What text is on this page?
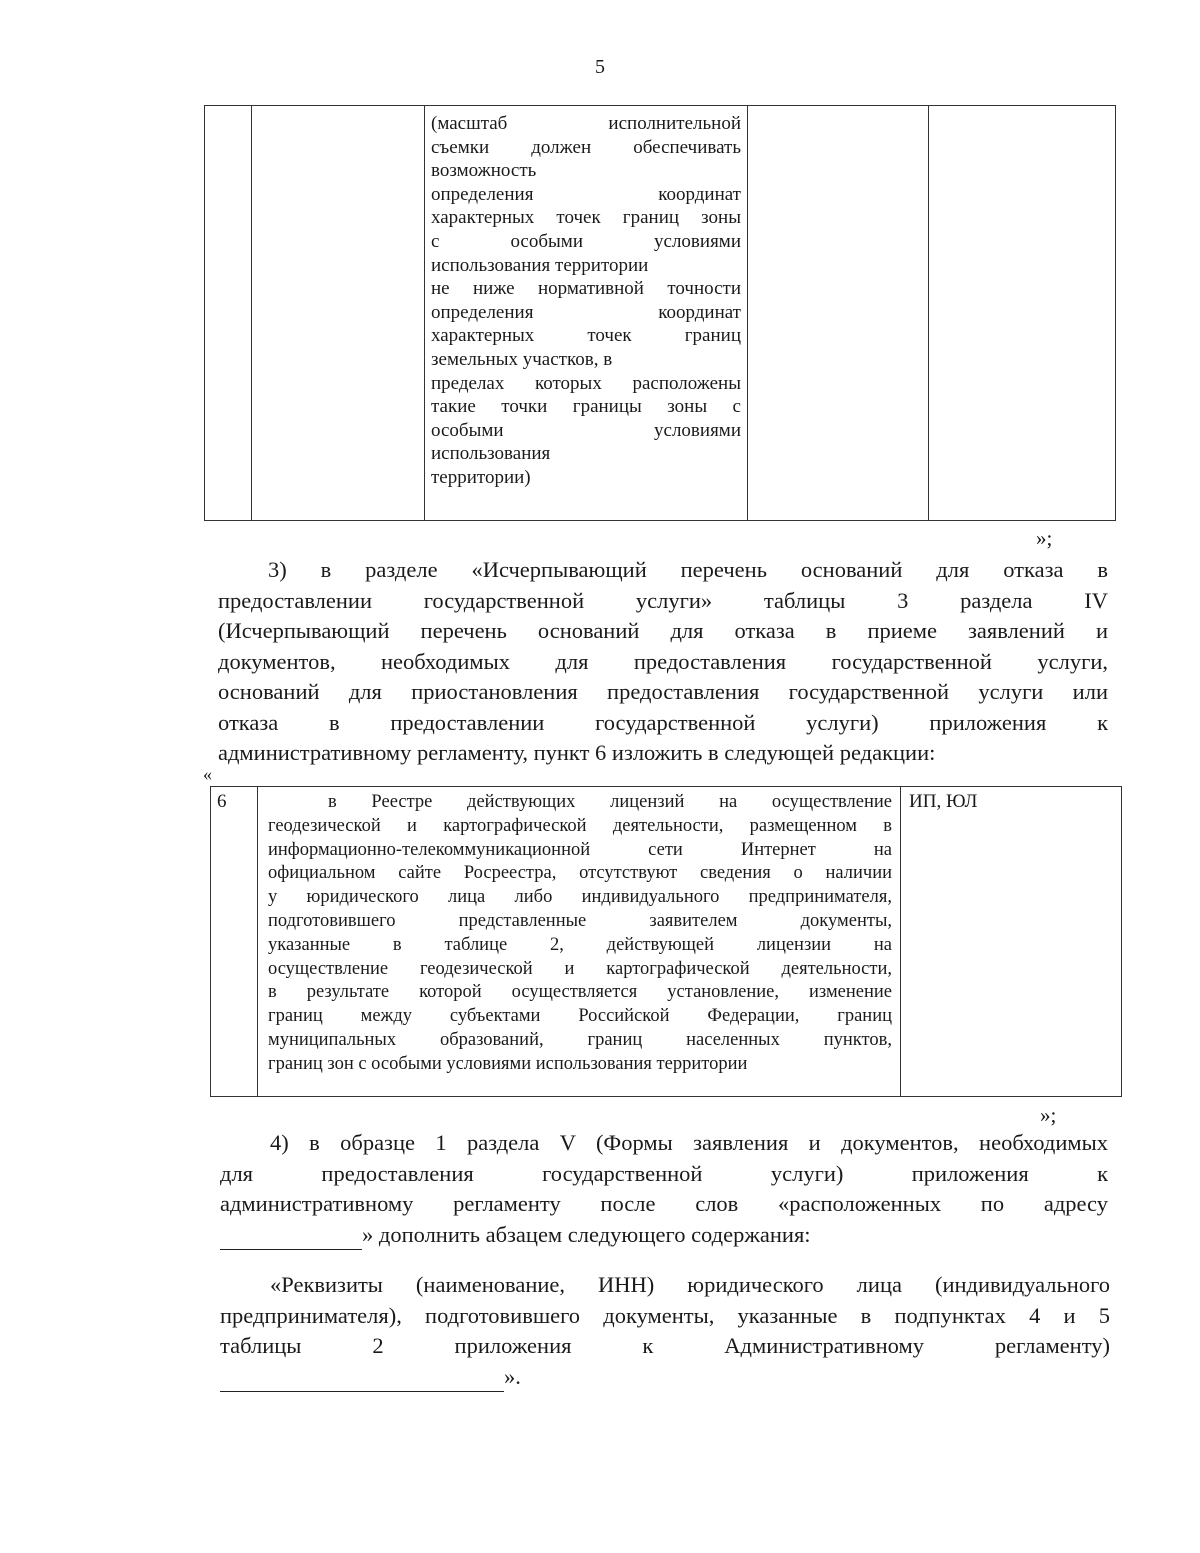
5

(масштаб исполнительной
съемки должен обеспечивать
возможность
определения координат
характерных точек границ зоны
с особыми условиями
использования территории
не ниже нормативной точности
определения координат
характерных точек границ
земельных участков, в
пределах которых расположены
такие точки границы зоны с
особыми условиями
использования
территории)

»;
3) в разделе «Исчерпывающий перечень оснований для отказа в
предоставлении государственной услуги» таблицы 3 раздела IV
(Исчерпывающий перечень оснований для отказа в приеме заявлений и
документов, необходимых для предоставления государственной услуги,
оснований для приостановления предоставления государственной услуги или
отказа в предоставлении государственной услуги) приложения к
административному регламенту, пункт 6 изложить в следующей редакции:
«
6	в Реестре действующих лицензий на осуществление
геодезической и картографической деятельности, размещенном в
информационно-телекоммуникационной сети Интернет на
официальном сайте Росреестра, отсутствуют сведения о наличии
у юридического лица либо индивидуального предпринимателя,
подготовившего представленные заявителем документы,
указанные в таблице 2, действующей лицензии на
осуществление геодезической и картографической деятельности,
в результате которой осуществляется установление, изменение
границ между субъектами Российской Федерации, границ
муниципальных образований, границ населенных пунктов,
границ зон с особыми условиями использования территории

ИП, ЮЛ
»;
4) в образце 1 раздела V (Формы заявления и документов, необходимых
для предоставления государственной услуги) приложения к
административному регламенту после слов «расположенных по адресу
» дополнить абзацем следующего содержания:
«Реквизиты (наименование, ИНН) юридического лица (индивидуального
предпринимателя), подготовившего документы, указанные в подпунктах 4 и 5
таблицы 2 приложения к Административному регламенту)
».
